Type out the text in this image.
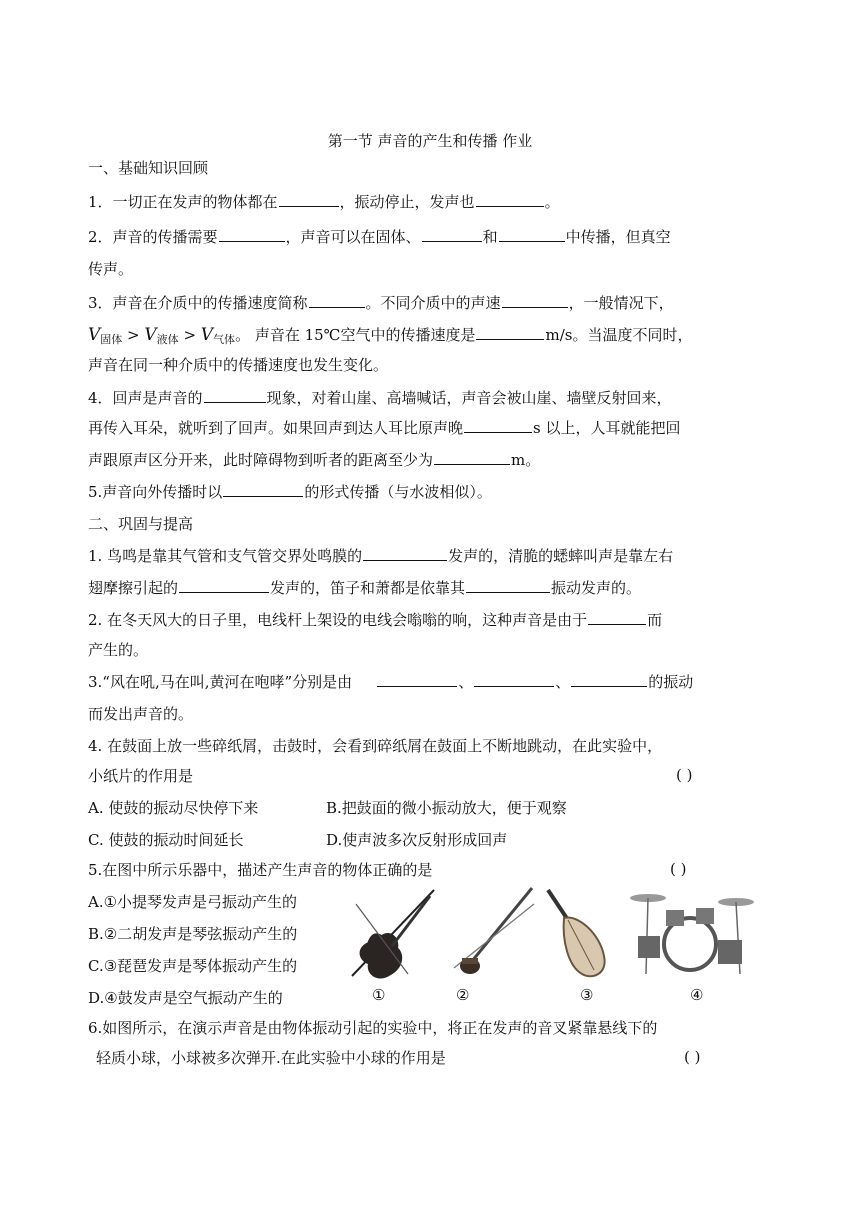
第一节 声音的产生和传播 作业
一、基础知识回顾
1．一切正在发声的物体都在	，振动停止，发声也	。
2．声音的传播需要	，声音可以在固体、	和	中传播，但真空
传声。
3．声音在介质中的传播速度简称	。不同介质中的声速	，一般情况下，
$V_{固体} > V_{液体} > V_{气体}$。 声音在 15℃空气中的传播速度是	m/s。当温度不同时，
声音在同一种介质中的传播速度也发生变化。
4．回声是声音的	现象，对着山崖、高墙喊话，声音会被山崖、墙壁反射回来，
再传入耳朵，就听到了回声。如果回声到达人耳比原声晚	s 以上，人耳就能把回
声跟原声区分开来，此时障碍物到听者的距离至少为	m。
5.声音向外传播时以	的形式传播（与水波相似）。
二、巩固与提高
1. 鸟鸣是靠其气管和支气管交界处鸣膜的	发声的，清脆的蟋蟀叫声是靠左右
翅摩擦引起的	发声的，笛子和萧都是依靠其	振动发声的。
2. 在冬天风大的日子里，电线杆上架设的电线会嗡嗡的响，这种声音是由于	而
产生的。
3.“风在吼,马在叫,黄河在咆哮”分别是由	、	、	的振动
而发出声音的。
4. 在鼓面上放一些碎纸屑，击鼓时，会看到碎纸屑在鼓面上不断地跳动，在此实验中，
小纸片的作用是	( )
A. 使鼓的振动尽快停下来	B.把鼓面的微小振动放大，便于观察
C. 使鼓的振动时间延长	D.使声波多次反射形成回声
5.在图中所示乐器中，描述产生声音的物体正确的是	( )
A.①小提琴发声是弓振动产生的
B.②二胡发声是琴弦振动产生的
C.③琵琶发声是琴体振动产生的
D.④鼓发声是空气振动产生的	①	②	③	④
6.如图所示，在演示声音是由物体振动引起的实验中，将正在发声的音叉紧靠悬线下的
轻质小球，小球被多次弹开.在此实验中小球的作用是	( )
